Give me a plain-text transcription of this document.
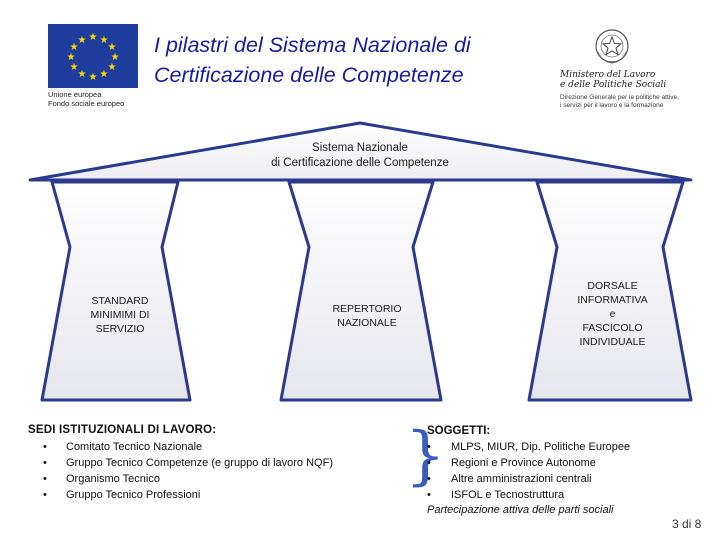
★ ★
★
★
★
★
★
★
★
★
★
★
Unione europea
Fondo sociale europeo
I pilastri del Sistema Nazionale di
Certificazione delle Competenze	Ministero del Lavoro
e delle Politiche Sociali
Direzione Generale per le politiche attive,
i servizi per il lavoro e la formazione
Sistema Nazionale
di Certificazione delle Competenze
STANDARD
MINIMIMI DI
SERVIZIO
REPERTORIO
NAZIONALE
DORSALE
INFORMATIVA
e
FASCICOLO
INDIVIDUALE
SEDI ISTITUZIONALI DI LAVORO:
• Comitato Tecnico Nazionale
• Gruppo Tecnico Competenze (e gruppo di lavoro NQF)
• Organismo Tecnico
• Gruppo Tecnico Professioni
}
SOGGETTI:
• MLPS, MIUR, Dip. Politiche Europee
• Regioni e Province Autonome
• Altre amministrazioni centrali
• ISFOL e Tecnostruttura
Partecipazione attiva delle parti sociali
3 di 8
